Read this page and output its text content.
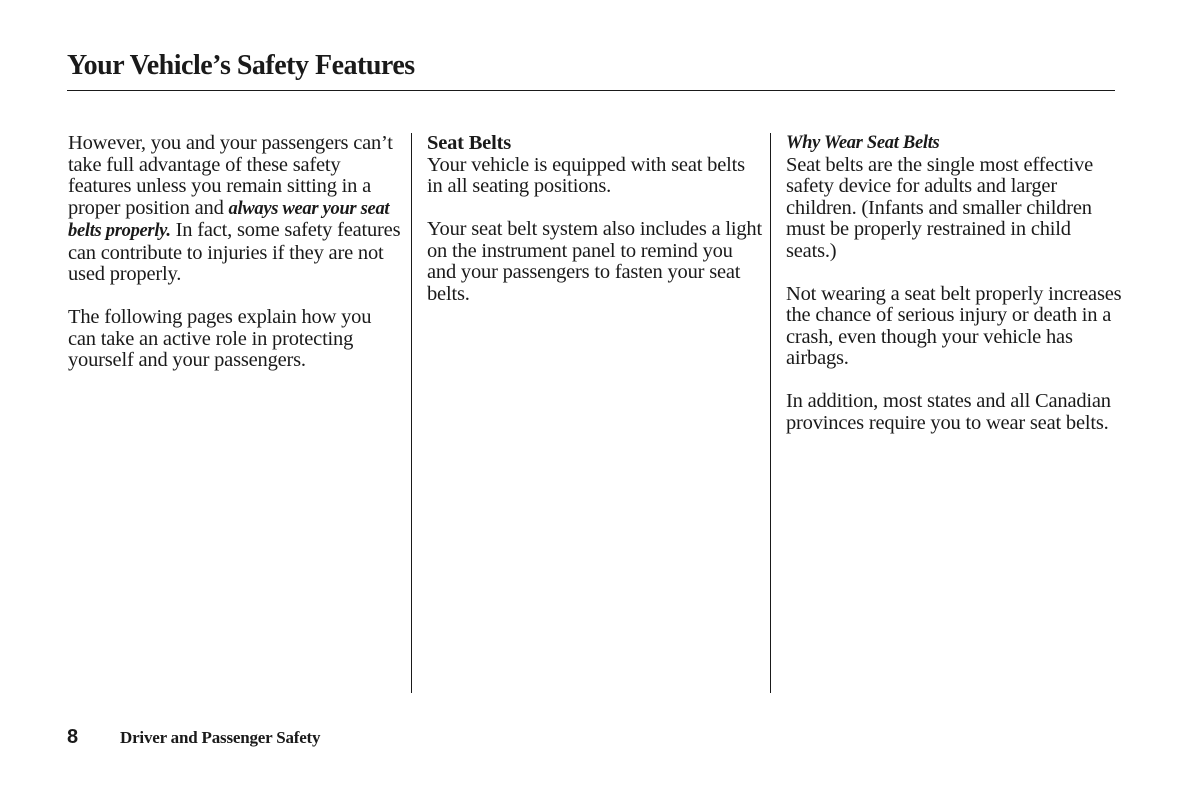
Your Vehicle’s Safety Features

However, you and your passengers can’t take full advantage of these safety features unless you remain sitting in a proper position and always wear your seat belts properly. In fact, some safety features can contribute to injuries if they are not used properly.

The following pages explain how you can take an active role in protecting yourself and your passengers.

Seat Belts

Your vehicle is equipped with seat belts in all seating positions.

Your seat belt system also includes a light on the instrument panel to remind you and your passengers to fasten your seat belts.

Why Wear Seat Belts

Seat belts are the single most effective safety device for adults and larger children. (Infants and smaller children must be properly restrained in child seats.)

Not wearing a seat belt properly increases the chance of serious injury or death in a crash, even though your vehicle has airbags.

In addition, most states and all Canadian provinces require you to wear seat belts.

8 Driver and Passenger Safety
